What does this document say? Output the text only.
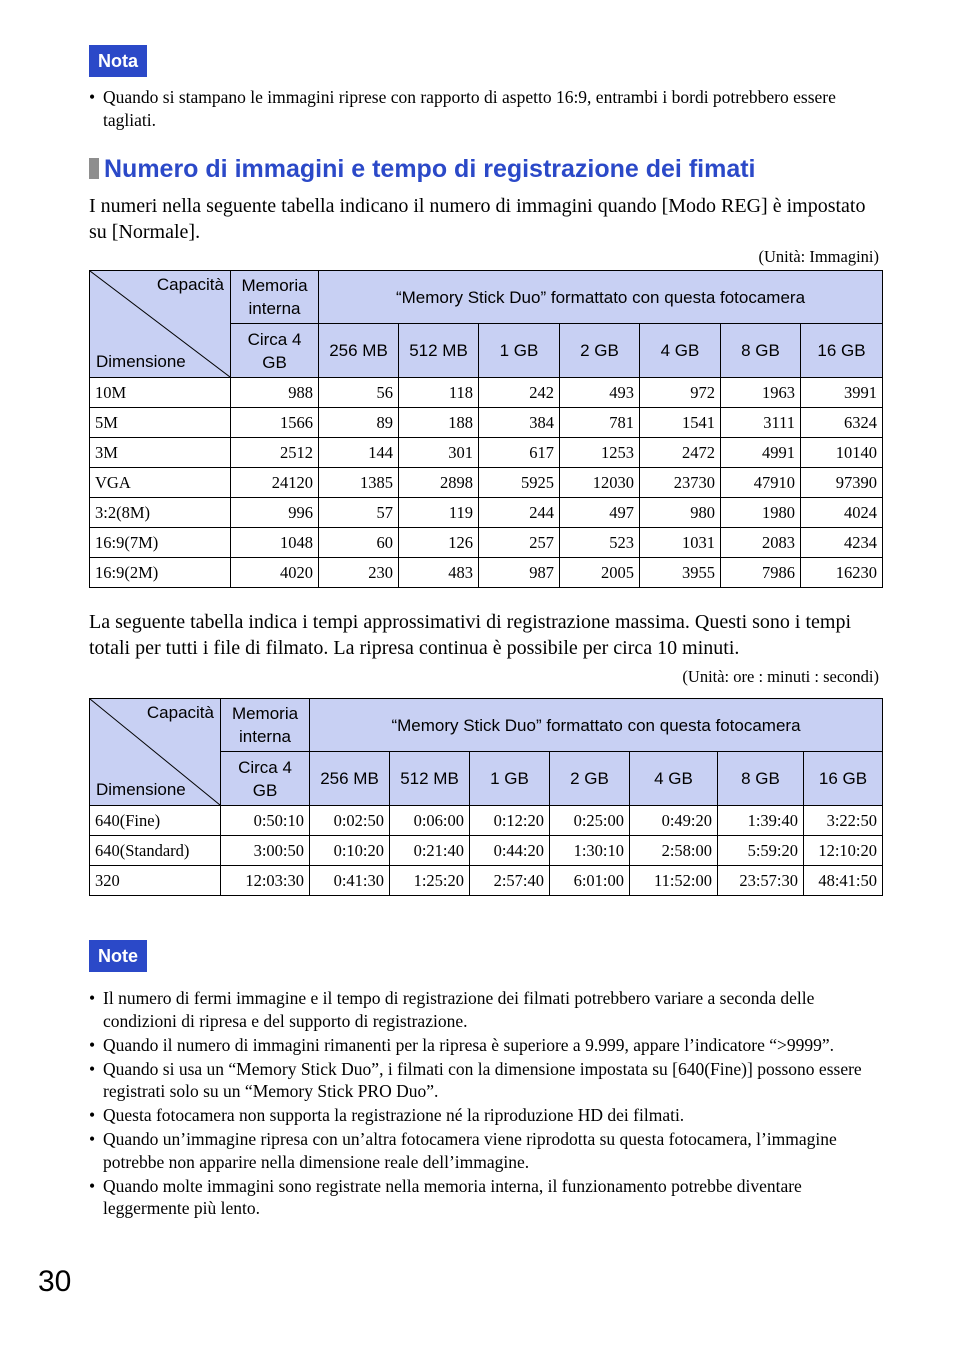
Nota
• Quando si stampano le immagini riprese con rapporto di aspetto 16:9, entrambi i bordi potrebbero essere tagliati.
Numero di immagini e tempo di registrazione dei fimati

I numeri nella seguente tabella indicano il numero di immagini quando [Modo REG] è impostato su [Normale].

(Unità: Immagini)
Capacità
Dimensione	Memoria interna	“Memory Stick Duo” formattato con questa fotocamera						
	Circa 4 GB	256 MB	512 MB	1 GB	2 GB	4 GB	8 GB	16 GB
10M	988	56	118	242	493	972	1963	3991
5M	1566	89	188	384	781	1541	3111	6324
3M	2512	144	301	617	1253	2472	4991	10140
VGA	24120	1385	2898	5925	12030	23730	47910	97390
3:2(8M)	996	57	119	244	497	980	1980	4024
16:9(7M)	1048	60	126	257	523	1031	2083	4234
16:9(2M)	4020	230	483	987	2005	3955	7986	16230

La seguente tabella indica i tempi approssimativi di registrazione massima. Questi sono i tempi totali per tutti i file di filmato. La ripresa continua è possibile per circa 10 minuti.

(Unità: ore : minuti : secondi)
Capacità
Dimensione	Memoria interna	“Memory Stick Duo” formattato con questa fotocamera						
	Circa 4 GB	256 MB	512 MB	1 GB	2 GB	4 GB	8 GB	16 GB
640(Fine)	0:50:10	0:02:50	0:06:00	0:12:20	0:25:00	0:49:20	1:39:40	3:22:50
640(Standard)	3:00:50	0:10:20	0:21:40	0:44:20	1:30:10	2:58:00	5:59:20	12:10:20
320	12:03:30	0:41:30	1:25:20	2:57:40	6:01:00	11:52:00	23:57:30	48:41:50
Note
• Il numero di fermi immagine e il tempo di registrazione dei filmati potrebbero variare a seconda delle condizioni di ripresa e del supporto di registrazione.
• Quando il numero di immagini rimanenti per la ripresa è superiore a 9.999, appare l’indicatore “>9999”.
• Quando si usa un “Memory Stick Duo”, i filmati con la dimensione impostata su [640(Fine)] possono essere registrati solo su un “Memory Stick PRO Duo”.
• Questa fotocamera non supporta la registrazione né la riproduzione HD dei filmati.
• Quando un’immagine ripresa con un’altra fotocamera viene riprodotta su questa fotocamera, l’immagine potrebbe non apparire nella dimensione reale dell’immagine.
• Quando molte immagini sono registrate nella memoria interna, il funzionamento potrebbe diventare leggermente più lento.
30
